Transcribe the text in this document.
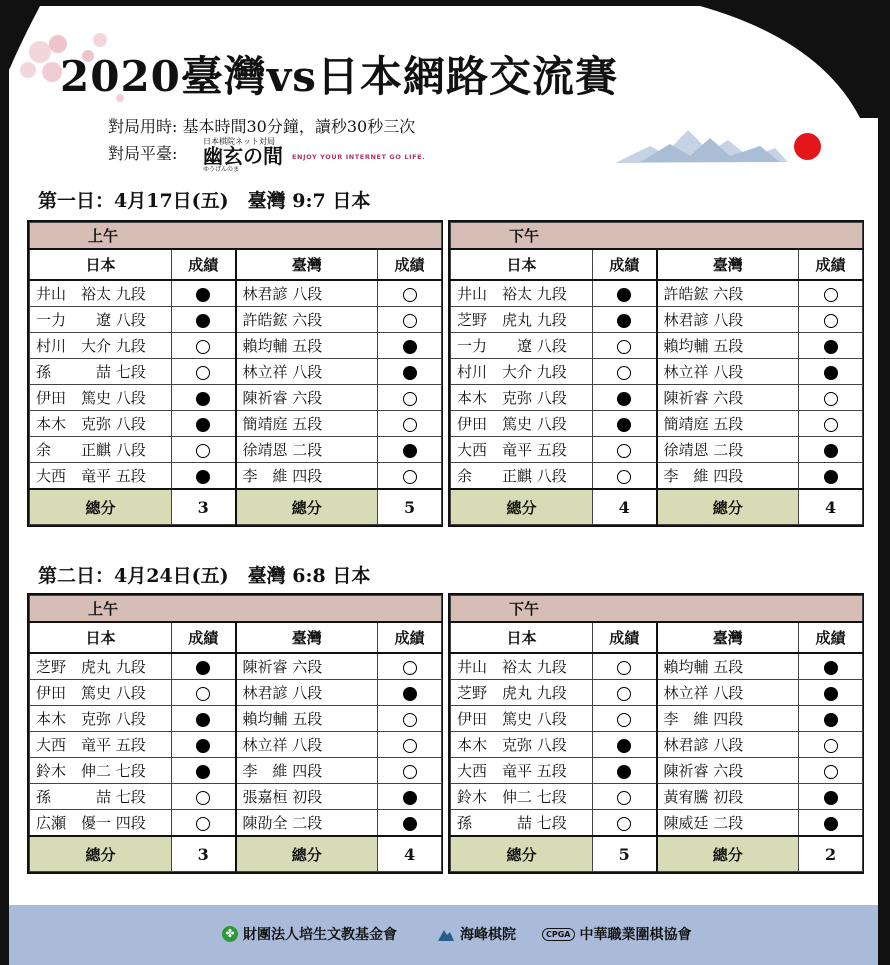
2020臺灣vs日本網路交流賽
對局用時: 基本時間30分鐘，讀秒30秒三次
對局平臺:
日本棋院ネット対局
幽玄の間
ゆうげんのま
ENJOY YOUR INTERNET GO LIFE.
第一日：4月17日(五)　臺灣 9:7 日本
第二日：4月24日(五)　臺灣 6:8 日本
上午			
日本	成績	臺灣	成績
井山　裕太 九段		林君諺 八段	
一力　　遼 八段		許皓鋐 六段	
村川　大介 九段		賴均輔 五段	
孫　　　喆 七段		林立祥 八段	
伊田　篤史 八段		陳祈睿 六段	
本木　克弥 八段		簡靖庭 五段	
余　　正麒 八段		徐靖恩 二段	
大西　竜平 五段		李　維 四段	
總分	3	總分	5
下午			
日本	成績	臺灣	成績
井山　裕太 九段		許皓鋐 六段	
芝野　虎丸 九段		林君諺 八段	
一力　　遼 八段		賴均輔 五段	
村川　大介 九段		林立祥 八段	
本木　克弥 八段		陳祈睿 六段	
伊田　篤史 八段		簡靖庭 五段	
大西　竜平 五段		徐靖恩 二段	
余　　正麒 八段		李　維 四段	
總分	4	總分	4
上午			
日本	成績	臺灣	成績
芝野　虎丸 九段		陳祈睿 六段	
伊田　篤史 八段		林君諺 八段	
本木　克弥 八段		賴均輔 五段	
大西　竜平 五段		林立祥 八段	
鈴木　伸二 七段		李　維 四段	
孫　　　喆 七段		張嘉桓 初段	
広瀬　優一 四段		陳劭全 二段	
總分	3	總分	4
下午			
日本	成績	臺灣	成績
井山　裕太 九段		賴均輔 五段	
芝野　虎丸 九段		林立祥 八段	
伊田　篤史 八段		李　維 四段	
本木　克弥 八段		林君諺 八段	
大西　竜平 五段		陳祈睿 六段	
鈴木　伸二 七段		黃宥騰 初段	
孫　　　喆 七段		陳威廷 二段	
總分	5	總分	2
✤ 財團法人培生文教基金會	海峰棋院	CPGA 中華職業圍棋協會
